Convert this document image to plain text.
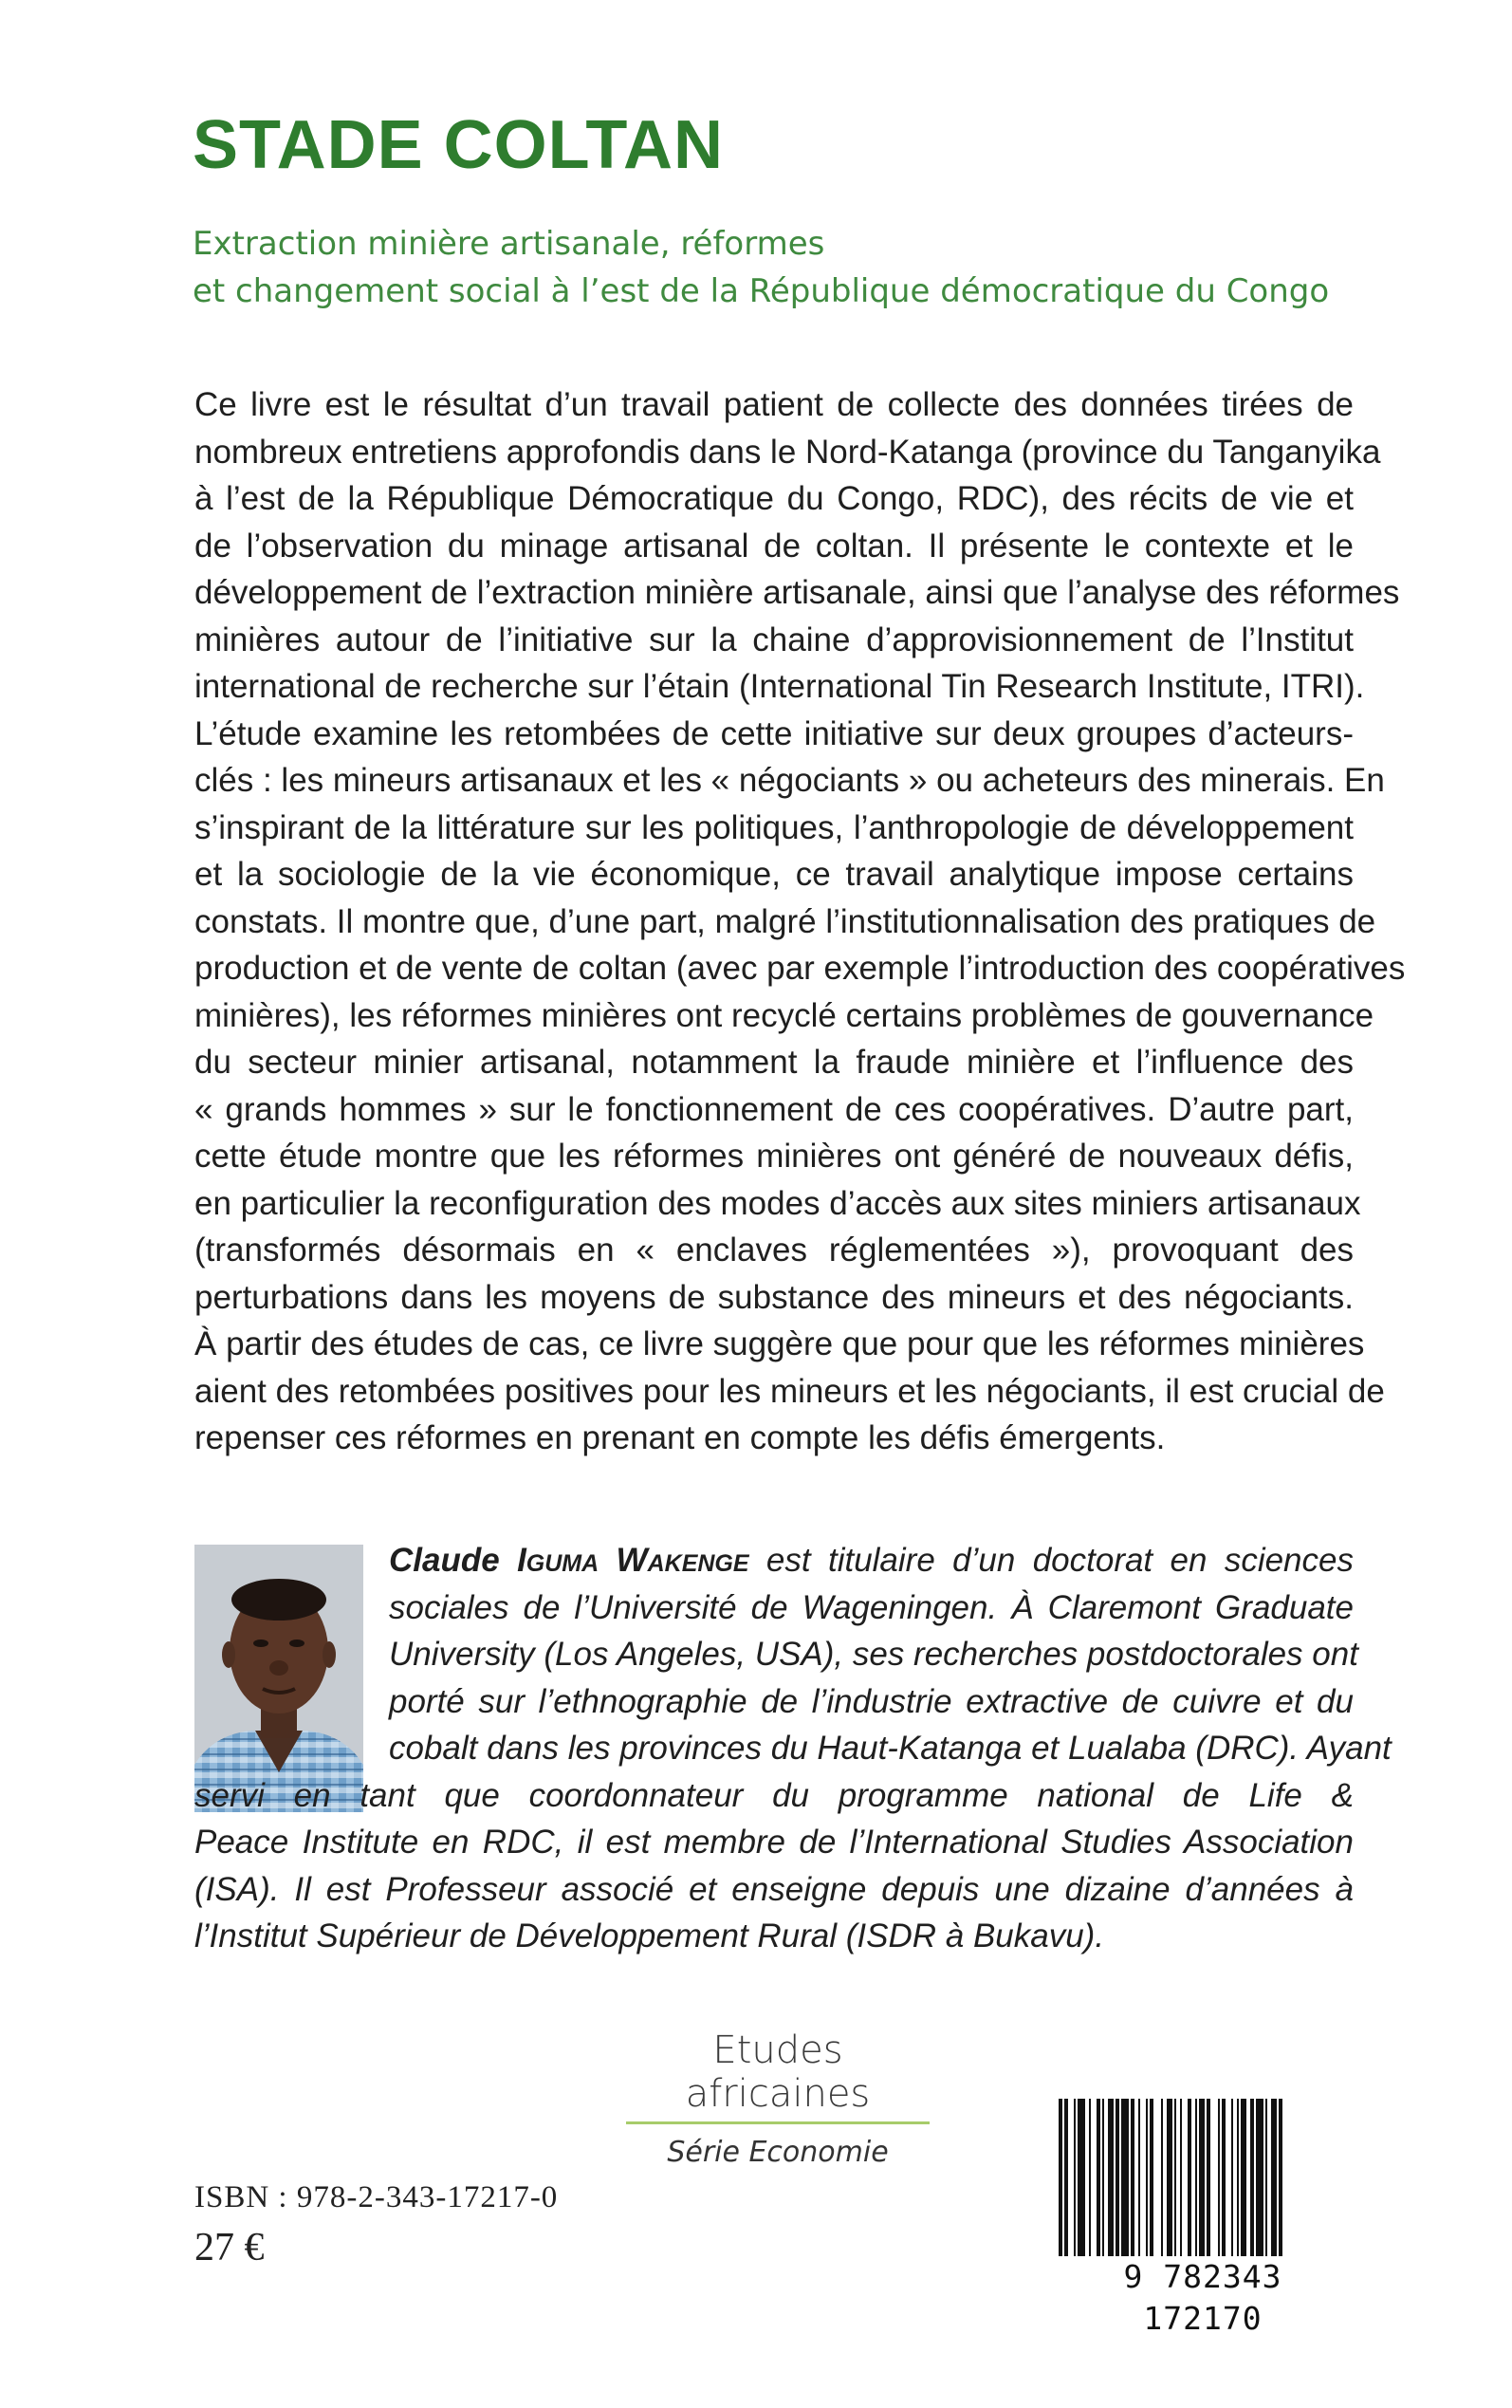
STADE COLTAN
Extraction minière artisanale, réformes
et changement social à l’est de la République démocratique du Congo
Ce livre est le résultat d’un travail patient de collecte des données tirées de
nombreux entretiens approfondis dans le Nord-Katanga (province du Tanganyika
à l’est de la République Démocratique du Congo, RDC), des récits de vie et
de l’observation du minage artisanal de coltan. Il présente le contexte et le
développement de l’extraction minière artisanale, ainsi que l’analyse des réformes
minières autour de l’initiative sur la chaine d’approvisionnement de l’Institut
international de recherche sur l’étain (International Tin Research Institute, ITRI).
L’étude examine les retombées de cette initiative sur deux groupes d’acteurs-
clés : les mineurs artisanaux et les « négociants » ou acheteurs des minerais. En
s’inspirant de la littérature sur les politiques, l’anthropologie de développement
et la sociologie de la vie économique, ce travail analytique impose certains
constats. Il montre que, d’une part, malgré l’institutionnalisation des pratiques de
production et de vente de coltan (avec par exemple l’introduction des coopératives
minières), les réformes minières ont recyclé certains problèmes de gouvernance
du secteur minier artisanal, notamment la fraude minière et l’influence des
« grands hommes » sur le fonctionnement de ces coopératives. D’autre part,
cette étude montre que les réformes minières ont généré de nouveaux défis,
en particulier la reconfiguration des modes d’accès aux sites miniers artisanaux
(transformés désormais en « enclaves réglementées »), provoquant des
perturbations dans les moyens de substance des mineurs et des négociants.
À partir des études de cas, ce livre suggère que pour que les réformes minières
aient des retombées positives pour les mineurs et les négociants, il est crucial de
repenser ces réformes en prenant en compte les défis émergents.
Claude Iguma Wakenge est titulaire d’un doctorat en sciences
sociales de l’Université de Wageningen. À Claremont Graduate
University (Los Angeles, USA), ses recherches postdoctorales ont
porté sur l’ethnographie de l’industrie extractive de cuivre et du
cobalt dans les provinces du Haut-Katanga et Lualaba (DRC). Ayant
servi en tant que coordonnateur du programme national de Life &
Peace Institute en RDC, il est membre de l’International Studies Association
(ISA). Il est Professeur associé et enseigne depuis une dizaine d’années à
l’Institut Supérieur de Développement Rural (ISDR à Bukavu).
Etudes africaines
Série Economie
ISBN : 978-2-343-17217-0
27 €
9 782343 172170
